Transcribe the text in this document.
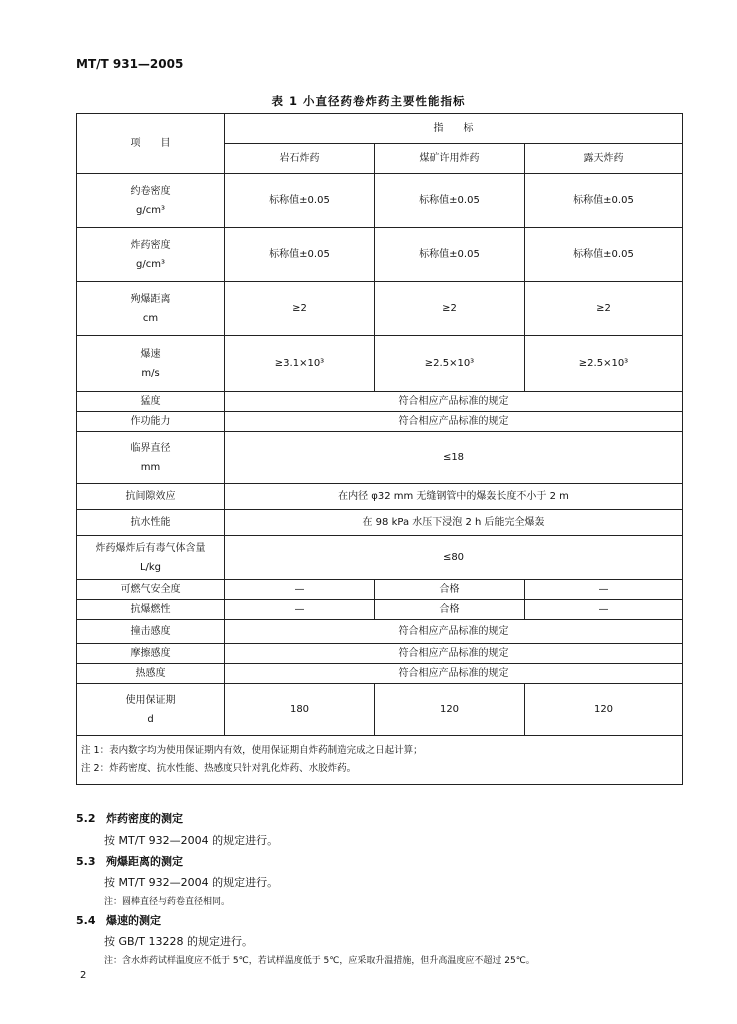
MT/T 931—2005
表 1 小直径药卷炸药主要性能指标
项　　目	指　　标		
	岩石炸药	煤矿许用炸药	露天炸药

约卷密度
g/cm³	标称值±0.05	标称值±0.05	标称值±0.05

炸药密度
g/cm³	标称值±0.05	标称值±0.05	标称值±0.05

殉爆距离
cm	≥2	≥2	≥2

爆速
m/s	≥3.1×10³	≥2.5×10³	≥2.5×10³

猛度	符合相应产品标准的规定		

作功能力	符合相应产品标准的规定		

临界直径
mm	≤18		

抗间隙效应	在内径 φ32 mm 无缝钢管中的爆轰长度不小于 2 m		

抗水性能	在 98 kPa 水压下浸泡 2 h 后能完全爆轰		

炸药爆炸后有毒气体含量
L/kg	≤80		

可燃气安全度	—	合格	—

抗爆燃性	—	合格	—

撞击感度	符合相应产品标准的规定		

摩擦感度	符合相应产品标准的规定		

热感度	符合相应产品标准的规定		

使用保证期
d	180	120	120

注 1：表内数字均为使用保证期内有效，使用保证期自炸药制造完成之日起计算；
注 2：炸药密度、抗水性能、热感度只针对乳化炸药、水胶炸药。			
5.2 炸药密度的测定
按 MT/T 932—2004 的规定进行。
5.3 殉爆距离的测定
按 MT/T 932—2004 的规定进行。
注：圆棒直径与药卷直径相同。
5.4 爆速的测定
按 GB/T 13228 的规定进行。
注：含水炸药试样温度应不低于 5℃，若试样温度低于 5℃，应采取升温措施，但升高温度应不超过 25℃。
2
